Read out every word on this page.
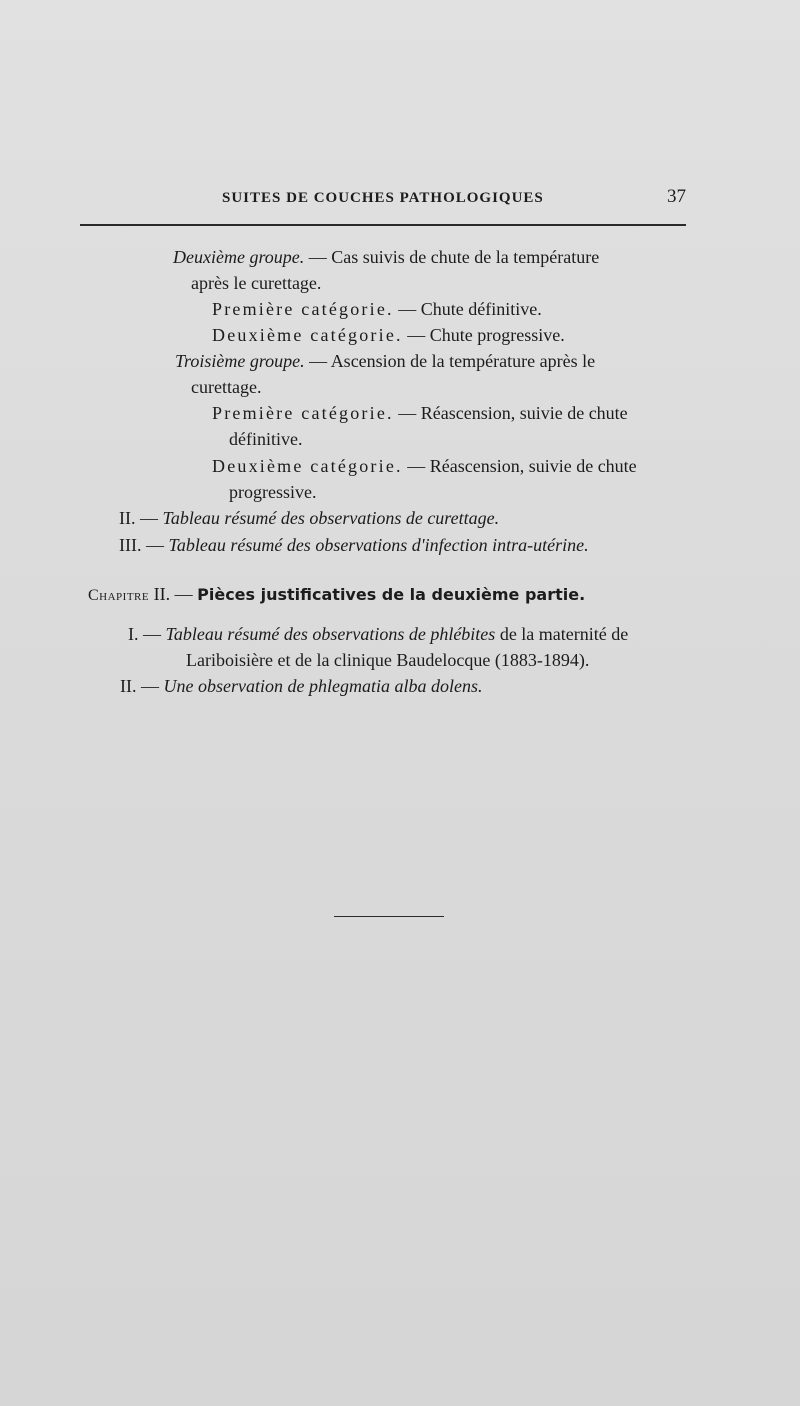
SUITES DE COUCHES PATHOLOGIQUES	37
Deuxième groupe. — Cas suivis de chute de la température
après le curettage.
Première catégorie. — Chute définitive.
Deuxième catégorie. — Chute progressive.
Troisième groupe. — Ascension de la température après le
curettage.
Première catégorie. — Réascension, suivie de chute
définitive.
Deuxième catégorie. — Réascension, suivie de chute
progressive.
II. — Tableau résumé des observations de curettage.
III. — Tableau résumé des observations d'infection intra-utérine.
Chapitre II. — Pièces justificatives de la deuxième partie.
I. — Tableau résumé des observations de phlébites de la maternité de
Lariboisière et de la clinique Baudelocque (1883-1894).
II. — Une observation de phlegmatia alba dolens.
